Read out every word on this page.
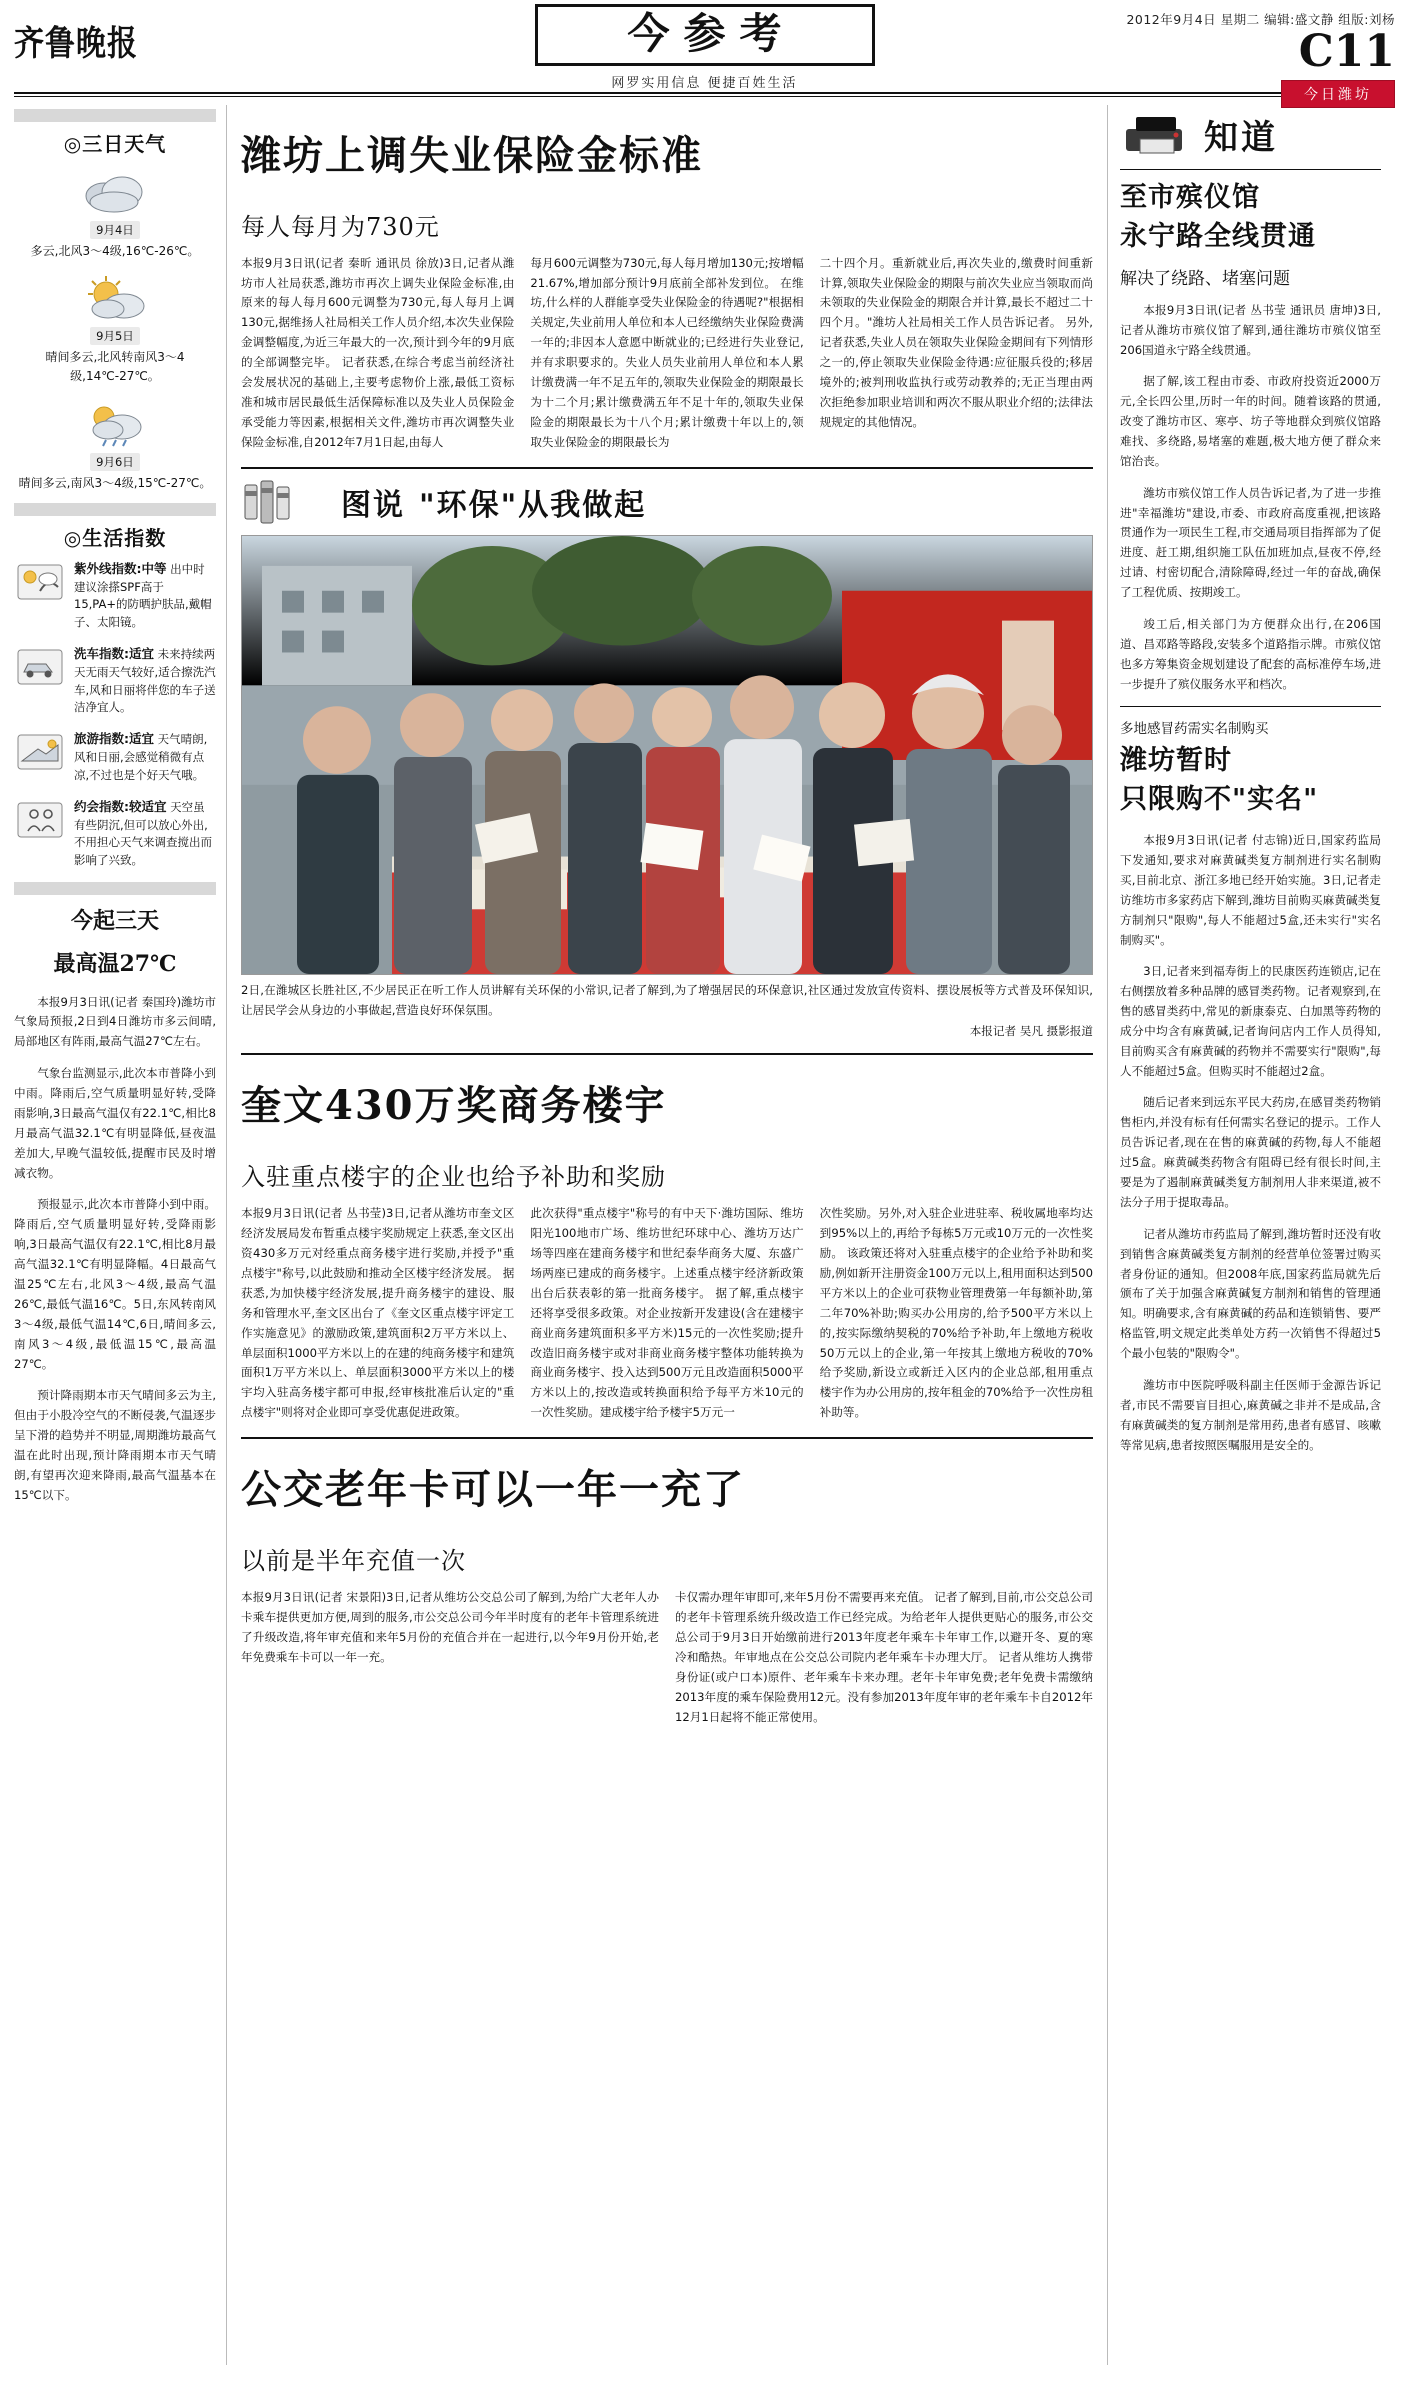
齐鲁晚报	今参考
网罗实用信息 便捷百姓生活
2012年9月4日 星期二 编辑:盛文静 组版:刘杨
C11
今日潍坊
◎三日天气
9月4日
多云,北风3～4级,16℃-26℃。
9月5日
晴间多云,北风转南风3～4级,14℃-27℃。
9月6日
晴间多云,南风3～4级,15℃-27℃。
◎生活指数
紫外线指数:中等 出中时建议涂搽SPF高于15,PA+的防晒护肤品,戴帽子、太阳镜。
洗车指数:适宜 未来持续两天无雨天气较好,适合擦洗汽车,风和日丽将伴您的车子送洁净宜人。
旅游指数:适宜 天气晴朗,风和日丽,会感觉稍微有点凉,不过也是个好天气哦。
约会指数:较适宜 天空虽有些阴沉,但可以放心外出,不用担心天气来调查搅出而影响了兴致。
今起三天
最高温27℃

本报9月3日讯(记者 秦国玲)潍坊市气象局预报,2日到4日潍坊市多云间晴,局部地区有阵雨,最高气温27℃左右。

气象台监测显示,此次本市普降小到中雨。降雨后,空气质量明显好转,受降雨影响,3日最高气温仅有22.1℃,相比8月最高气温32.1℃有明显降低,昼夜温差加大,早晚气温较低,提醒市民及时增减衣物。

预报显示,此次本市普降小到中雨。降雨后,空气质量明显好转,受降雨影响,3日最高气温仅有22.1℃,相比8月最高气温32.1℃有明显降幅。4日最高气温25℃左右,北风3～4级,最高气温26℃,最低气温16℃。5日,东风转南风3～4级,最低气温14℃,6日,晴间多云,南风3～4级,最低温15℃,最高温27℃。

预计降雨期本市天气晴间多云为主,但由于小股冷空气的不断侵袭,气温逐步呈下滑的趋势并不明显,周期潍坊最高气温在此时出现,预计降雨期本市天气晴朗,有望再次迎来降雨,最高气温基本在15℃以下。

潍坊上调失业保险金标准
每人每月为730元
本报9月3日讯(记者 秦昕 通讯员 徐放)3日,记者从潍坊市人社局获悉,潍坊市再次上调失业保险金标准,由原来的每人每月600元调整为730元,每人每月上调130元,据维扬人社局相关工作人员介绍,本次失业保险金调整幅度,为近三年最大的一次,预计到今年的9月底的全部调整完毕。 记者获悉,在综合考虑当前经济社会发展状况的基础上,主要考虑物价上涨,最低工资标准和城市居民最低生活保障标准以及失业人员保险金承受能力等因素,根据相关文件,潍坊市再次调整失业保险金标准,自2012年7月1日起,由每人
每月600元调整为730元,每人每月增加130元;按增幅21.67%,增加部分预计9月底前全部补发到位。 在维坊,什么样的人群能享受失业保险金的待遇呢?"根据相关规定,失业前用人单位和本人已经缴纳失业保险费满一年的;非因本人意愿中断就业的;已经进行失业登记,并有求职要求的。失业人员失业前用人单位和本人累计缴费满一年不足五年的,领取失业保险金的期限最长为十二个月;累计缴费满五年不足十年的,领取失业保险金的期限最长为十八个月;累计缴费十年以上的,领取失业保险金的期限最长为
二十四个月。重新就业后,再次失业的,缴费时间重新计算,领取失业保险金的期限与前次失业应当领取而尚未领取的失业保险金的期限合并计算,最长不超过二十四个月。"潍坊人社局相关工作人员告诉记者。 另外,记者获悉,失业人员在领取失业保险金期间有下列情形之一的,停止领取失业保险金待遇:应征服兵役的;移居境外的;被判刑收监执行或劳动教养的;无正当理由两次拒绝参加职业培训和两次不服从职业介绍的;法律法规规定的其他情况。
图说 "环保"从我做起
2日,在潍城区长胜社区,不少居民正在听工作人员讲解有关环保的小常识,记者了解到,为了增强居民的环保意识,社区通过发放宣传资料、摆设展板等方式普及环保知识,让居民学会从身边的小事做起,营造良好环保氛围。
本报记者 吴凡 摄影报道
奎文430万奖商务楼宇
入驻重点楼宇的企业也给予补助和奖励
本报9月3日讯(记者 丛书莹)3日,记者从潍坊市奎文区经济发展局发布暂重点楼宇奖励规定上获悉,奎文区出资430多万元对经重点商务楼宇进行奖励,并授予"重点楼宇"称号,以此鼓励和推动全区楼宇经济发展。 据获悉,为加快楼宇经济发展,提升商务楼宇的建设、服务和管理水平,奎文区出台了《奎文区重点楼宇评定工作实施意见》的激励政策,建筑面积2万平方米以上、单层面积1000平方米以上的在建的纯商务楼宇和建筑面积1万平方米以上、单层面积3000平方米以上的楼宇均入驻高务楼宇都可申报,经审核批准后认定的"重点楼宇"则将对企业即可享受优惠促进政策。
此次获得"重点楼宇"称号的有中天下·潍坊国际、维坊阳光100地市广场、维坊世纪环球中心、潍坊万达广场等四座在建商务楼宇和世纪泰华商务大厦、东盛广场两座已建成的商务楼宇。上述重点楼宇经济新政策出台后获表彰的第一批商务楼宇。 据了解,重点楼宇还将享受很多政策。对企业按新开发建设(含在建楼宇商业商务建筑面积多平方米)15元的一次性奖励;提升改造旧商务楼宇或对非商业商务楼宇整体功能转换为商业商务楼宇、投入达到500万元且改造面积5000平方米以上的,按改造或转换面积给予每平方米10元的一次性奖励。建成楼宇给予楼宇5万元一
次性奖励。另外,对入驻企业进驻率、税收属地率均达到95%以上的,再给予每栋5万元或10万元的一次性奖励。 该政策还将对入驻重点楼宇的企业给予补助和奖励,例如新开注册资金100万元以上,租用面积达到500平方米以上的企业可获物业管理费第一年每额补助,第二年70%补助;购买办公用房的,给予500平方米以上的,按实际缴纳契税的70%给予补助,年上缴地方税收50万元以上的企业,第一年按其上缴地方税收的70%给予奖励,新设立或新迁入区内的企业总部,租用重点楼宇作为办公用房的,按年租金的70%给予一次性房租补助等。
公交老年卡可以一年一充了
以前是半年充值一次
本报9月3日讯(记者 宋景阳)3日,记者从维坊公交总公司了解到,为给广大老年人办卡乘车提供更加方便,周到的服务,市公交总公司今年半时度有的老年卡管理系统进了升级改造,将年审充值和来年5月份的充值合并在一起进行,以今年9月份开始,老年免费乘车卡可以一年一充。
卡仅需办理年审即可,来年5月份不需要再来充值。 记者了解到,目前,市公交总公司的老年卡管理系统升级改造工作已经完成。为给老年人提供更贴心的服务,市公交总公司于9月3日开始缴前进行2013年度老年乘车卡年审工作,以避开冬、夏的寒冷和酷热。年审地点在公交总公司院内老年乘车卡办理大厅。 记者从维坊人携带身份证(或户口本)原件、老年乘车卡来办理。老年卡年审免费;老年免费卡需缴纳2013年度的乘车保险费用12元。没有参加2013年度年审的老年乘车卡自2012年12月1日起将不能正常使用。
知道
至市殡仪馆
永宁路全线贯通
解决了绕路、堵塞问题

本报9月3日讯(记者 丛书莹 通讯员 唐坤)3日,记者从潍坊市殡仪馆了解到,通往潍坊市殡仪馆至206国道永宁路全线贯通。

据了解,该工程由市委、市政府投资近2000万元,全长四公里,历时一年的时间。随着该路的贯通,改变了潍坊市区、寒亭、坊子等地群众到殡仪馆路难找、多绕路,易堵塞的难题,极大地方便了群众来馆治丧。

潍坊市殡仪馆工作人员告诉记者,为了进一步推进"幸福潍坊"建设,市委、市政府高度重视,把该路贯通作为一项民生工程,市交通局项目指挥部为了促进度、赶工期,组织施工队伍加班加点,昼夜不停,经过请、村密切配合,清除障碍,经过一年的奋战,确保了工程优质、按期竣工。

竣工后,相关部门为方便群众出行,在206国道、昌邓路等路段,安装多个道路指示牌。市殡仪馆也多方筹集资金规划建设了配套的高标准停车场,进一步提升了殡仪服务水平和档次。

多地感冒药需实名制购买
潍坊暂时
只限购不"实名"

本报9月3日讯(记者 付志锦)近日,国家药监局下发通知,要求对麻黄碱类复方制剂进行实名制购买,目前北京、浙江多地已经开始实施。3日,记者走访维坊市多家药店下解到,潍坊目前购买麻黄碱类复方制剂只"限购",每人不能超过5盒,还未实行"实名制购买"。

3日,记者来到福寿街上的民康医药连锁店,记在右侧摆放着多种品牌的感冒类药物。记者观察到,在售的感冒类药中,常见的新康泰克、白加黑等药物的成分中均含有麻黄碱,记者询问店内工作人员得知,目前购买含有麻黄碱的药物并不需要实行"限购",每人不能超过5盒。但购买时不能超过2盒。

随后记者来到远东平民大药房,在感冒类药物销售柜内,并没有标有任何需实名登记的提示。工作人员告诉记者,现在在售的麻黄碱的药物,每人不能超过5盒。麻黄碱类药物含有阻碍已经有很长时间,主要是为了遏制麻黄碱类复方制剂用人非来渠道,被不法分子用于提取毒品。

记者从潍坊市药监局了解到,潍坊暂时还没有收到销售含麻黄碱类复方制剂的经营单位签署过购买者身份证的通知。但2008年底,国家药监局就先后颁布了关于加强含麻黄碱复方制剂和销售的管理通知。明确要求,含有麻黄碱的药品和连锁销售、要严格监管,明文规定此类单处方药一次销售不得超过5个最小包装的"限购令"。

潍坊市中医院呼吸科副主任医师于金源告诉记者,市民不需要盲目担心,麻黄碱之非并不是成品,含有麻黄碱类的复方制剂是常用药,患者有感冒、咳嗽等常见病,患者按照医嘱服用是安全的。
